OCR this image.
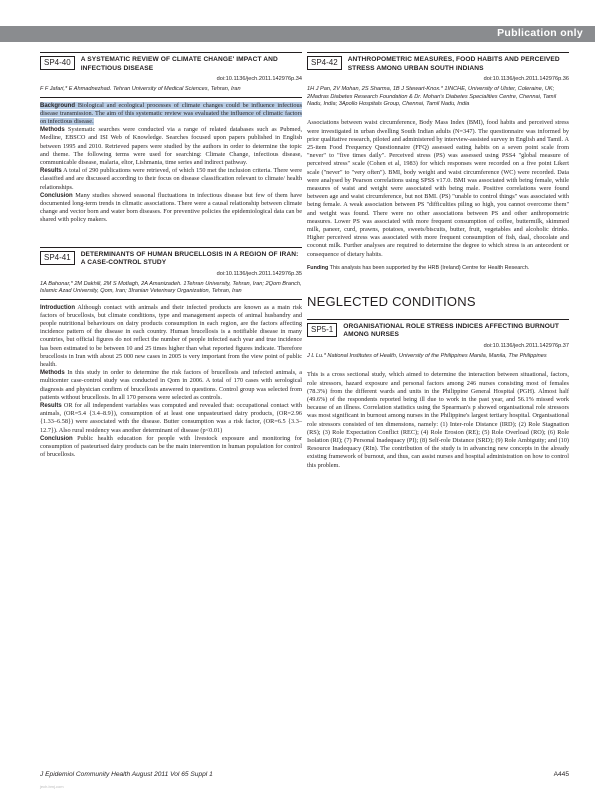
Publication only
SP4-40	A SYSTEMATIC REVIEW OF CLIMATE CHANGE' IMPACT AND INFECTIOUS DISEASE
doi:10.1136/jech.2011.142976p.34
F F Jafari,* E Ahmadnezhad. Tehran University of Medical Sciences, Tehran, Iran

Background Biological and ecological processes of climate changes could be influence infectious disease transmission. The aim of this systematic review was evaluated the influence of climatic factors on infectious disease.

Methods Systematic searches were conducted via a range of related databases such as Pubmed, Medline, EBSCO and ISI Web of Knowledge. Searches focused upon papers published in English between 1995 and 2010. Retrieved papers were studied by the authors in order to determine the topic and theme. The following terms were used for searching: Climate Change, infectious disease, communicable disease, malaria, eltor, Lishmania, time series and indirect pathway.

Results A total of 290 publications were retrieved, of which 150 met the inclusion criteria. There were classified and are discussed according to their focus on disease classification relevant to climate/ health relationships.

Conclusion Many studies showed seasonal fluctuations in infectious disease but few of them have documented long-term trends in climatic associations. There were a causal relationship between climate change and vector born and water born diseases. For preventive policies the epidemiological data can be shared with policy makers.

SP4-41	DETERMINANTS OF HUMAN BRUCELLOSIS IN A REGION OF IRAN: A CASE-CONTROL STUDY
doi:10.1136/jech.2011.142976p.35
1A Bahonar,* 2M Dakhili, 2M S Motlagh, 2A Amanizadeh. 1Tehran University, Tehran, Iran; 2Qom Branch, Islamic Azad University, Qom, Iran; 3Iranian Veterinary Organization, Tehran, Iran

Introduction Although contact with animals and their infected products are known as a main risk factors of brucellosis, but climate conditions, type and management aspects of animal husbandry and people nutritional behaviours on dairy products consumption in each region, are the factors affecting incidence pattern of the disease in each country. Human brucellosis is a notifiable disease in many countries, but official figures do not reflect the number of people infected each year and true incidence has been estimated to be between 10 and 25 times higher than what reported figures indicate. Therefore brucellosis in Iran with about 25 000 new cases in 2005 is very important from the view point of public health.

Methods In this study in order to determine the risk factors of brucellosis and infected animals, a multicenter case-control study was conducted in Qom in 2006. A total of 170 cases with serological diagnosis and physician confirm of brucellosis answered to questions. Control group was selected from patients without brucellosis. In all 170 persons were selected as controls.

Results OR for all independent variables was computed and revealed that: occupational contact with animals, (OR=5.4 {3.4–8.9}), consumption of at least one unpasteurised dairy products, (OR=2.96 {1.33–6.58}) were associated with the disease. Butter consumption was a risk factor, (OR=6.5 {3.3–12.7}). Also rural residency was another determinant of disease (p<0.01)

Conclusion Public health education for people with livestock exposure and monitoring for consumption of pasteurised dairy products can be the main intervention in human population for control of brucellosis.

SP4-42	ANTHROPOMETRIC MEASURES, FOOD HABITS AND PERCEIVED STRESS AMONG URBAN SOUTH INDIANS
doi:10.1136/jech.2011.142976p.36
1H J Pan, 2V Mohan, 2S Sharma, 1B J Stewart-Knox.* 1INCHE, University of Ulster, Coleraine, UK; 2Madras Diabetes Research Foundation & Dr. Mohan's Diabetes Specialities Centre, Chennai, Tamil Nadu, India; 3Apollo Hospitals Group, Chennai, Tamil Nadu, India

Associations between waist circumference, Body Mass Index (BMI), food habits and perceived stress were investigated in urban dwelling South Indian adults (N=347). The questionnaire was informed by prior qualitative research, piloted and administered by interview-assisted survey in English and Tamil. A 25-item Food Frequency Questionnaire (FFQ) assessed eating habits on a seven point scale from "never" to "five times daily". Perceived stress (PS) was assessed using PSS4 "global measure of perceived stress" scale (Cohen et al, 1983) for which responses were recorded on a five point Likert scale ("never" to "very often"). BMI, body weight and waist circumference (WC) were recorded. Data were analysed by Pearson correlations using SPSS v17.0. BMI was associated with being female, while measures of waist and weight were associated with being male. Positive correlations were found between age and waist circumference, but not BMI. (PS) "unable to control things" was associated with being female. A weak association between PS "difficulties piling so high, you cannot overcome them" and weight was found. There were no other associations between PS and other anthropometric measures. Lower PS was associated with more frequent consumption of coffee, buttermilk, skimmed milk, paneer, curd, prawns, potatoes, sweets/biscuits, butter, fruit, vegetables and alcoholic drinks. Higher perceived stress was associated with more frequent consumption of fish, daal, chocolate and coconut milk. Further analyses are required to determine the degree to which stress is an antecedent or consequence of dietary habits.

Funding This analysis has been supported by the HRB (Ireland) Centre for Health Research.

NEGLECTED CONDITIONS
SP5-1	ORGANISATIONAL ROLE STRESS INDICES AFFECTING BURNOUT AMONG NURSES
doi:10.1136/jech.2011.142976p.37
J L Lu.* National Institutes of Health, University of the Philippines Manila, Manila, The Philippines

This is a cross sectional study, which aimed to determine the interaction between situational, factors, role stressors, hazard exposure and personal factors among 246 nurses consisting most of females (78.3%) from the different wards and units in the Philippine General Hospital (PGH). Almost half (49.6%) of the respondents reported being ill due to work in the past year, and 56.1% missed work because of an illness. Correlation statistics using the Spearman's p showed organisational role stressors was most significant in burnout among nurses in the Philippine's largest tertiary hospital. Organisational role stressors consisted of ten dimensions, namely: (1) Inter-role Distance (IRD); (2) Role Stagnation (RS); (3) Role Expectation Conflict (REC); (4) Role Erosion (RE); (5) Role Overload (RO); (6) Role Isolation (RI); (7) Personal Inadequacy (PI); (8) Self-role Distance (SRD); (9) Role Ambiguity; and (10) Resource Inadequacy (RIn). The contribution of the study is in advancing new concepts in the already existing framework of burnout, and thus, can assist nurses and hospital administration on how to control this problem.

J Epidemiol Community Health August 2011 Vol 65 Suppl 1	A445
jech.bmj.com
